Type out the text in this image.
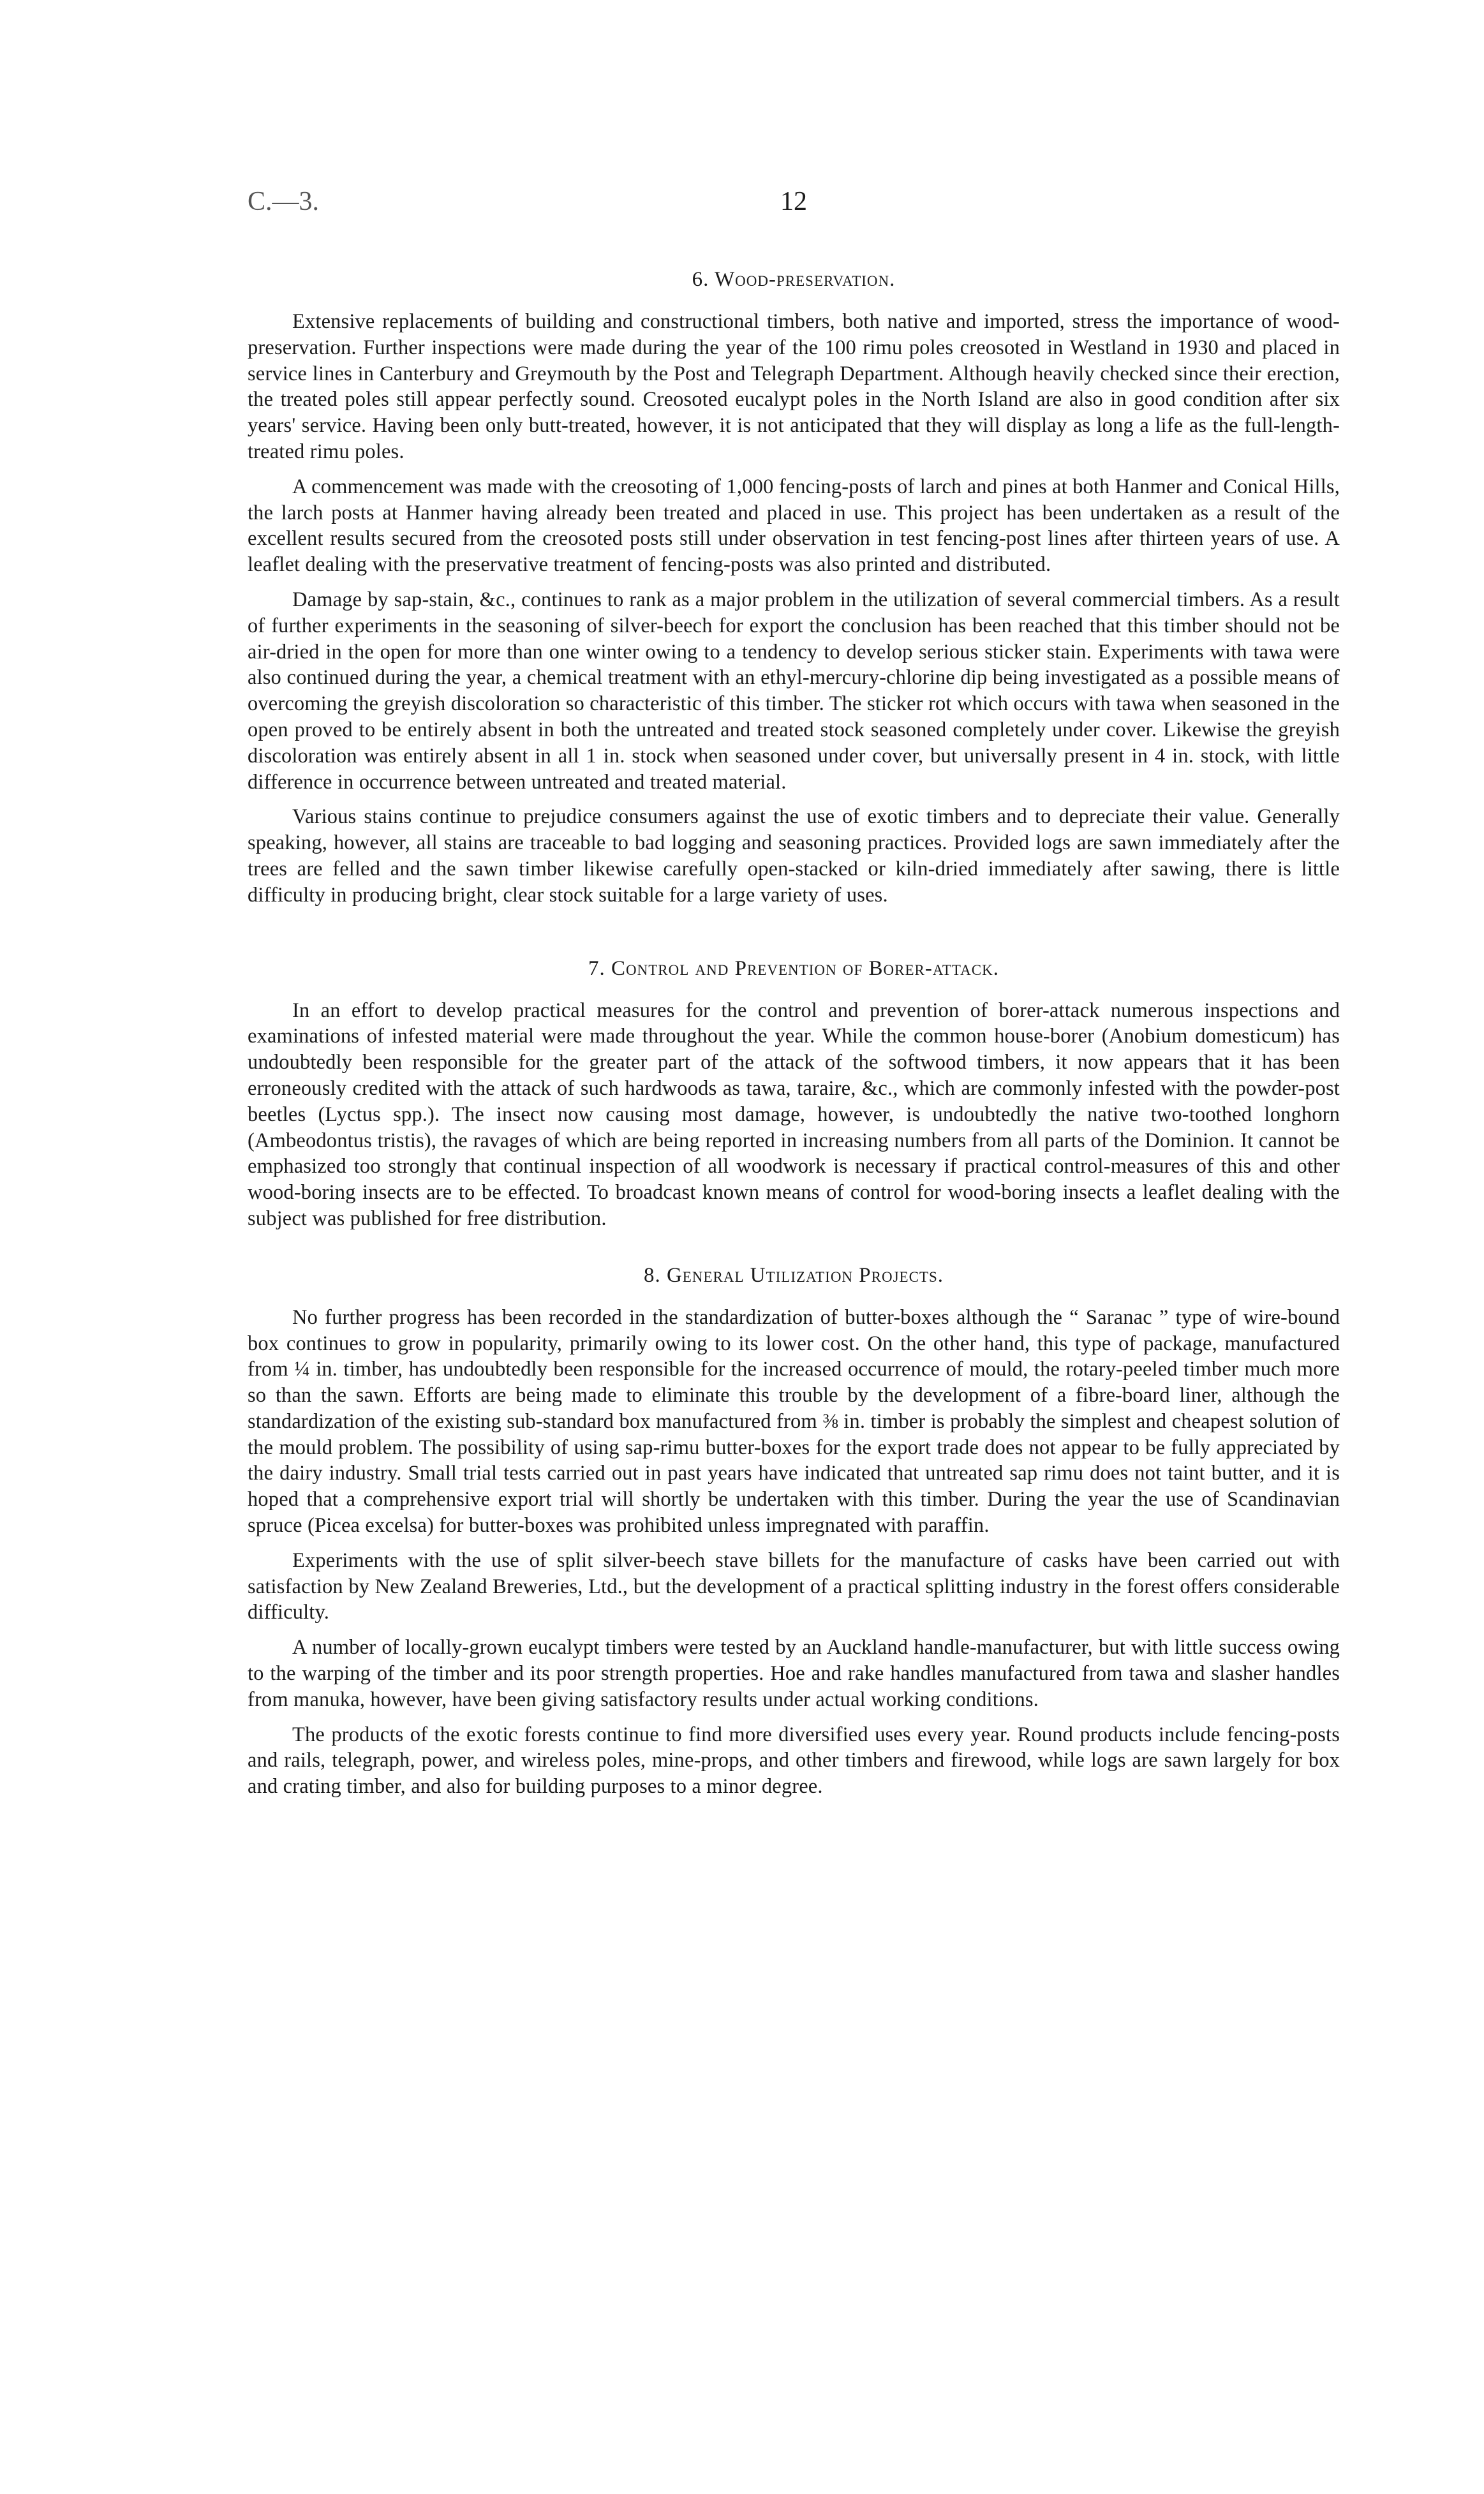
C.—3.	12
6. Wood-preservation.

Extensive replacements of building and constructional timbers, both native and imported, stress the importance of wood-preservation. Further inspections were made during the year of the 100 rimu poles creosoted in Westland in 1930 and placed in service lines in Canterbury and Greymouth by the Post and Telegraph Department. Although heavily checked since their erection, the treated poles still appear perfectly sound. Creosoted eucalypt poles in the North Island are also in good condition after six years' service. Having been only butt-treated, however, it is not anticipated that they will display as long a life as the full-length-treated rimu poles.

A commencement was made with the creosoting of 1,000 fencing-posts of larch and pines at both Hanmer and Conical Hills, the larch posts at Hanmer having already been treated and placed in use. This project has been undertaken as a result of the excellent results secured from the creosoted posts still under observation in test fencing-post lines after thirteen years of use. A leaflet dealing with the preservative treatment of fencing-posts was also printed and distributed.

Damage by sap-stain, &c., continues to rank as a major problem in the utilization of several commercial timbers. As a result of further experiments in the seasoning of silver-beech for export the conclusion has been reached that this timber should not be air-dried in the open for more than one winter owing to a tendency to develop serious sticker stain. Experiments with tawa were also continued during the year, a chemical treatment with an ethyl-mercury-chlorine dip being investigated as a possible means of overcoming the greyish discoloration so characteristic of this timber. The sticker rot which occurs with tawa when seasoned in the open proved to be entirely absent in both the untreated and treated stock seasoned completely under cover. Likewise the greyish discoloration was entirely absent in all 1 in. stock when seasoned under cover, but universally present in 4 in. stock, with little difference in occurrence between untreated and treated material.

Various stains continue to prejudice consumers against the use of exotic timbers and to depreciate their value. Generally speaking, however, all stains are traceable to bad logging and seasoning practices. Provided logs are sawn immediately after the trees are felled and the sawn timber likewise carefully open-stacked or kiln-dried immediately after sawing, there is little difficulty in producing bright, clear stock suitable for a large variety of uses.

7. Control and Prevention of Borer-attack.

In an effort to develop practical measures for the control and prevention of borer-attack numerous inspections and examinations of infested material were made throughout the year. While the common house-borer (Anobium domesticum) has undoubtedly been responsible for the greater part of the attack of the softwood timbers, it now appears that it has been erroneously credited with the attack of such hardwoods as tawa, taraire, &c., which are commonly infested with the powder-post beetles (Lyctus spp.). The insect now causing most damage, however, is undoubtedly the native two-toothed longhorn (Ambeodontus tristis), the ravages of which are being reported in increasing numbers from all parts of the Dominion. It cannot be emphasized too strongly that continual inspection of all woodwork is necessary if practical control-measures of this and other wood-boring insects are to be effected. To broadcast known means of control for wood-boring insects a leaflet dealing with the subject was published for free distribution.

8. General Utilization Projects.

No further progress has been recorded in the standardization of butter-boxes although the “ Saranac ” type of wire-bound box continues to grow in popularity, primarily owing to its lower cost. On the other hand, this type of package, manufactured from ¼ in. timber, has undoubtedly been responsible for the increased occurrence of mould, the rotary-peeled timber much more so than the sawn. Efforts are being made to eliminate this trouble by the development of a fibre-board liner, although the standardization of the existing sub-standard box manufactured from ⅜ in. timber is probably the simplest and cheapest solution of the mould problem. The possibility of using sap-rimu butter-boxes for the export trade does not appear to be fully appreciated by the dairy industry. Small trial tests carried out in past years have indicated that untreated sap rimu does not taint butter, and it is hoped that a comprehensive export trial will shortly be undertaken with this timber. During the year the use of Scandinavian spruce (Picea excelsa) for butter-boxes was prohibited unless impregnated with paraffin.

Experiments with the use of split silver-beech stave billets for the manufacture of casks have been carried out with satisfaction by New Zealand Breweries, Ltd., but the development of a practical splitting industry in the forest offers considerable difficulty.

A number of locally-grown eucalypt timbers were tested by an Auckland handle-manufacturer, but with little success owing to the warping of the timber and its poor strength properties. Hoe and rake handles manufactured from tawa and slasher handles from manuka, however, have been giving satisfactory results under actual working conditions.

The products of the exotic forests continue to find more diversified uses every year. Round products include fencing-posts and rails, telegraph, power, and wireless poles, mine-props, and other timbers and firewood, while logs are sawn largely for box and crating timber, and also for building purposes to a minor degree.
